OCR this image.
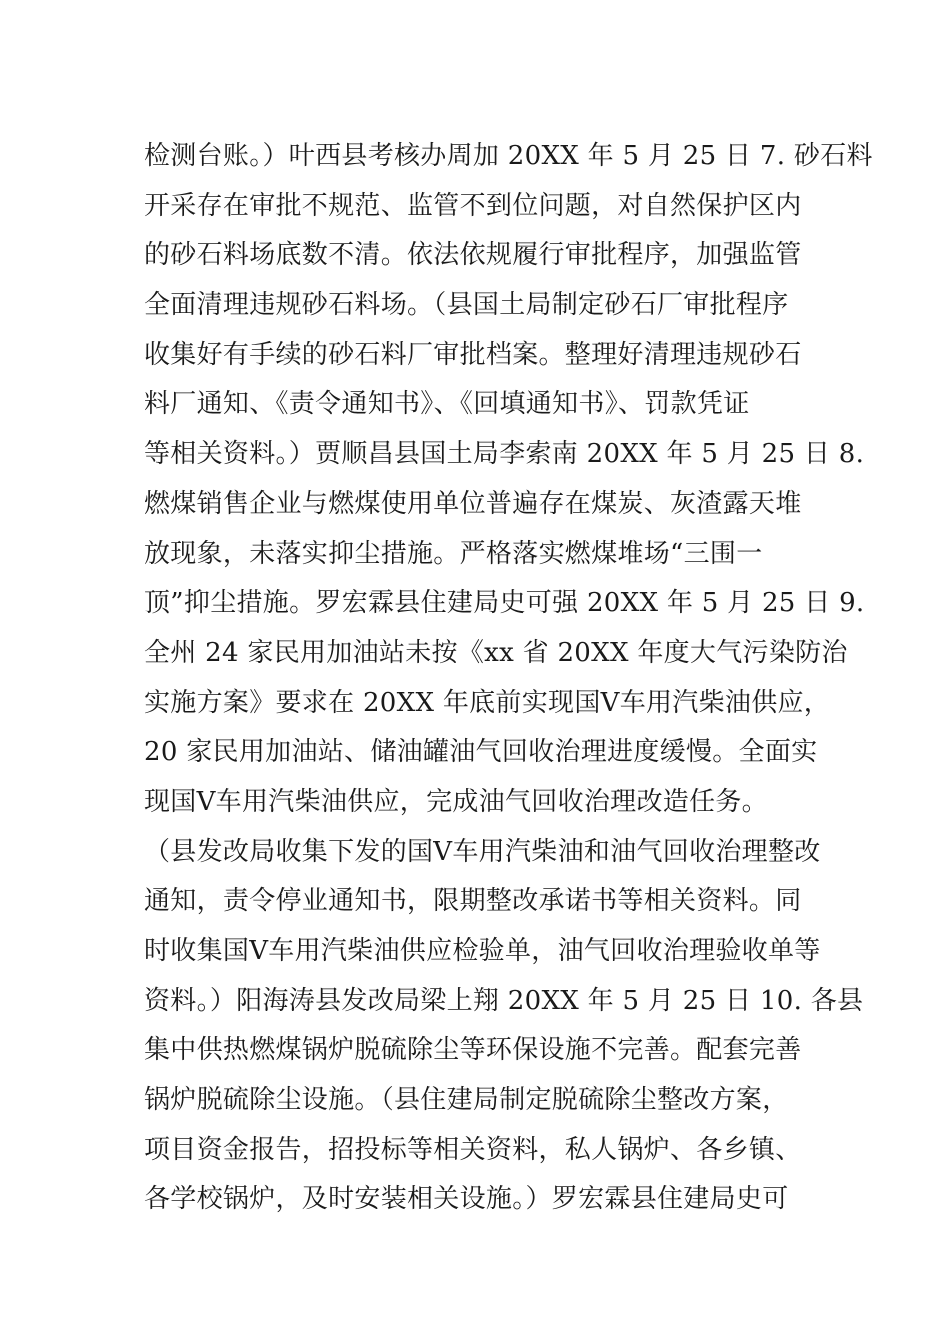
检测台账。）叶西县考核办周加 20XX 年 5 月 25 日 7. 砂石料
开采存在审批不规范、监管不到位问题，对自然保护区内
的砂石料场底数不清。依法依规履行审批程序，加强监管
全面清理违规砂石料场。（县国土局制定砂石厂审批程序
收集好有手续的砂石料厂审批档案。整理好清理违规砂石
料厂通知、《责令通知书》、《回填通知书》、罚款凭证
等相关资料。）贾顺昌县国土局李索南 20XX 年 5 月 25 日 8.
燃煤销售企业与燃煤使用单位普遍存在煤炭、灰渣露天堆
放现象，未落实抑尘措施。严格落实燃煤堆场“三围一
顶”抑尘措施。罗宏霖县住建局史可强 20XX 年 5 月 25 日 9.
全州 24 家民用加油站未按《xx 省 20XX 年度大气污染防治
实施方案》要求在 20XX 年底前实现国Ⅴ车用汽柴油供应，
20 家民用加油站、储油罐油气回收治理进度缓慢。全面实
现国Ⅴ车用汽柴油供应，完成油气回收治理改造任务。
（县发改局收集下发的国Ⅴ车用汽柴油和油气回收治理整改
通知，责令停业通知书，限期整改承诺书等相关资料。同
时收集国Ⅴ车用汽柴油供应检验单，油气回收治理验收单等
资料。）阳海涛县发改局梁上翔 20XX 年 5 月 25 日 10. 各县
集中供热燃煤锅炉脱硫除尘等环保设施不完善。配套完善
锅炉脱硫除尘设施。（县住建局制定脱硫除尘整改方案，
项目资金报告，招投标等相关资料，私人锅炉、各乡镇、
各学校锅炉，及时安装相关设施。）罗宏霖县住建局史可
